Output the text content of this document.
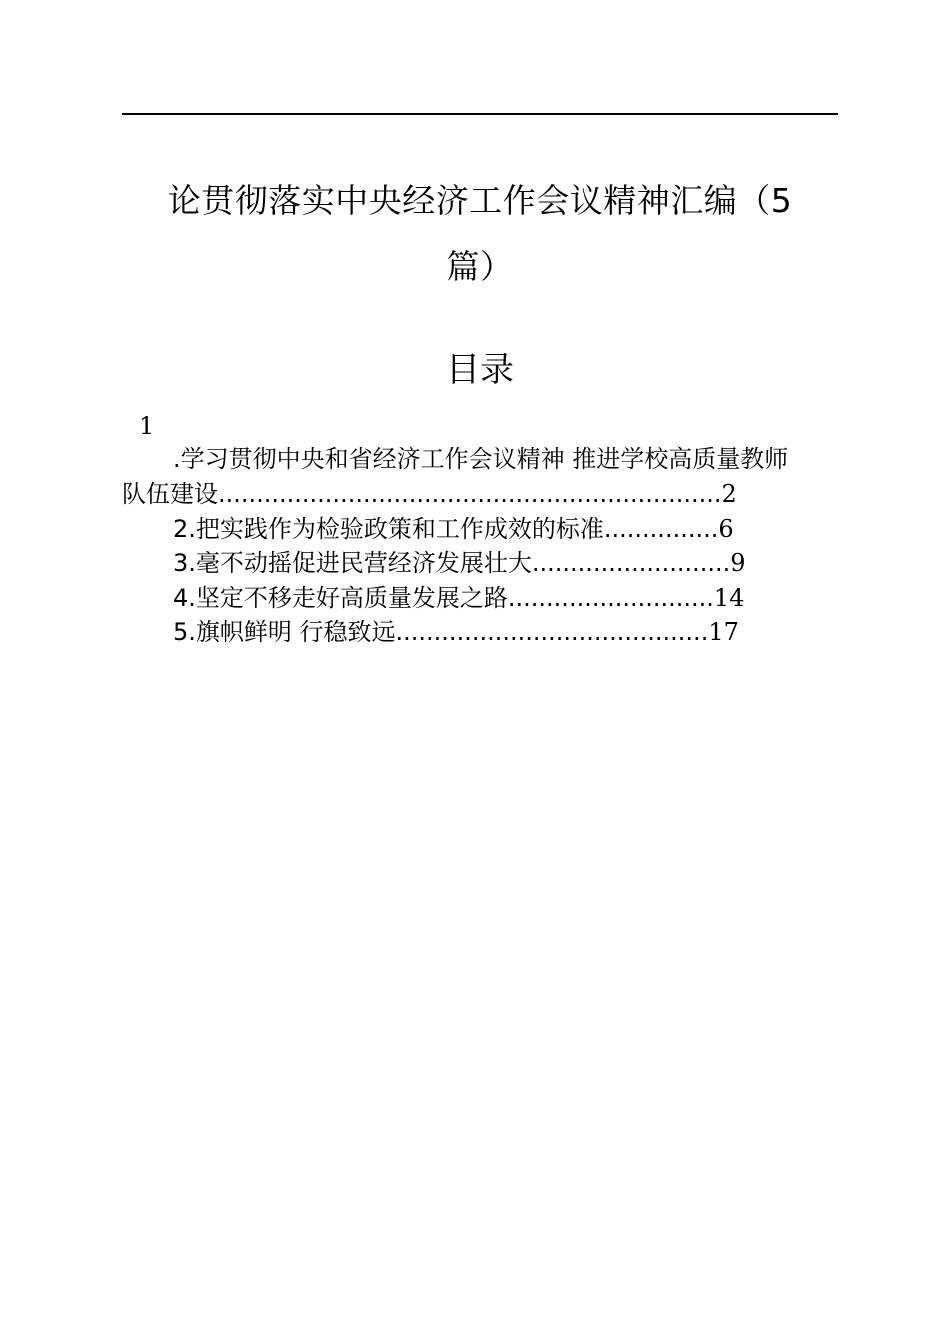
论贯彻落实中央经济工作会议精神汇编（5
篇）
目录
1
.学习贯彻中央和省经济工作会议精神 推进学校高质量教师
队伍建设..................................................................2
2.把实践作为检验政策和工作成效的标准...............6
3.毫不动摇促进民营经济发展壮大..........................9
4.坚定不移走好高质量发展之路...........................14
5.旗帜鲜明 行稳致远.........................................17
